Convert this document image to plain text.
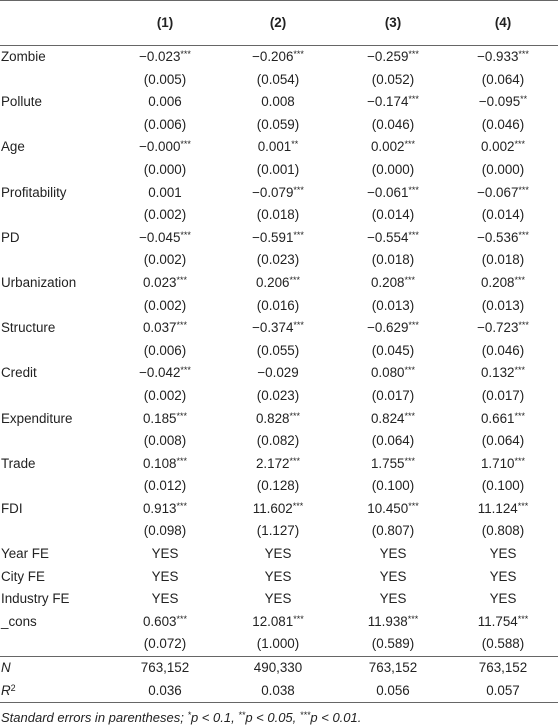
	(1)	(2)	(3)	(4)
Zombie	−0.023***	−0.206***	−0.259***	−0.933***
	(0.005)	(0.054)	(0.052)	(0.064)
Pollute	0.006	0.008	−0.174***	−0.095**
	(0.006)	(0.059)	(0.046)	(0.046)
Age	−0.000***	0.001**	0.002***	0.002***
	(0.000)	(0.001)	(0.000)	(0.000)
Profitability	0.001	−0.079***	−0.061***	−0.067***
	(0.002)	(0.018)	(0.014)	(0.014)
PD	−0.045***	−0.591***	−0.554***	−0.536***
	(0.002)	(0.023)	(0.018)	(0.018)
Urbanization	0.023***	0.206***	0.208***	0.208***
	(0.002)	(0.016)	(0.013)	(0.013)
Structure	0.037***	−0.374***	−0.629***	−0.723***
	(0.006)	(0.055)	(0.045)	(0.046)
Credit	−0.042***	−0.029	0.080***	0.132***
	(0.002)	(0.023)	(0.017)	(0.017)
Expenditure	0.185***	0.828***	0.824***	0.661***
	(0.008)	(0.082)	(0.064)	(0.064)
Trade	0.108***	2.172***	1.755***	1.710***
	(0.012)	(0.128)	(0.100)	(0.100)
FDI	0.913***	11.602***	10.450***	11.124***
	(0.098)	(1.127)	(0.807)	(0.808)
Year FE	YES	YES	YES	YES
City FE	YES	YES	YES	YES
Industry FE	YES	YES	YES	YES
_cons	0.603***	12.081***	11.938***	11.754***
	(0.072)	(1.000)	(0.589)	(0.588)
N	763,152	490,330	763,152	763,152
$R^2$	0.036	0.038	0.056	0.057
Standard errors in parentheses; *p < 0.1, **p < 0.05, ***p < 0.01.
